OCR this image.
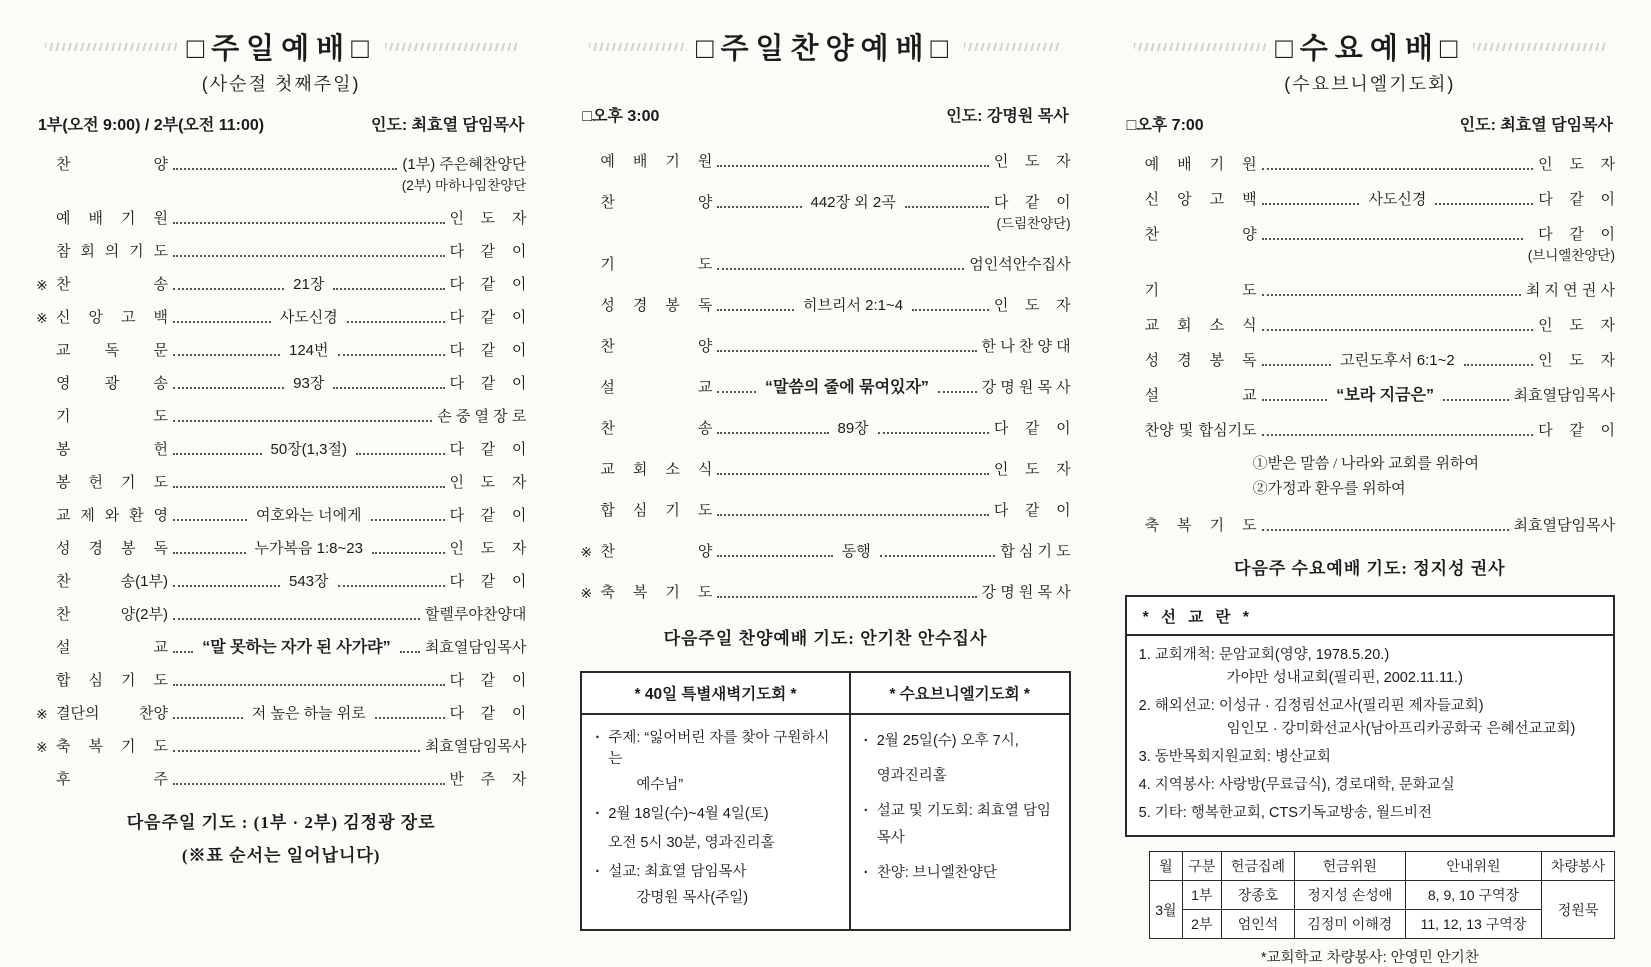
□주일예배□
(사순절 첫째주일)
1부(오전 9:00) / 2부(오전 11:00)	인도: 최효열 담임목사
찬 양	(1부) 주은혜찬양단
(2부) 마하나임찬양단
예 배 기 원	인    도    자
참 회 의 기 도	다    같    이
※ 찬 송	21장	다    같    이
※ 신 앙 고 백	사도신경	다    같    이
교 독 문	124번	다    같    이
영 광 송	93장	다    같    이
기 도	손 중 열 장 로
봉 헌	50장(1,3절)	다    같    이
봉 헌 기 도	인    도    자
교 제 와 환 영	여호와는 너에게	다    같    이
성 경 봉 독	누가복음 1:8~23	인    도    자
찬 송(1부)	543장	다    같    이
찬 양(2부)	할렐루야찬양대
설 교 “말 못하는 자가 된 사가랴” 최효열담임목사
합 심 기 도	다    같    이
※ 결단의 찬양	저 높은 하늘 위로	다    같    이
※ 축 복 기 도	최효열담임목사
후 주	반    주    자
다음주일 기도 : (1부 · 2부) 김정광 장로
(※표 순서는 일어납니다)
□주일찬양예배□
□오후 3:00	인도: 강명원 목사
예 배 기 원	인    도    자
찬 양	442장 외 2곡	다    같    이
(드림찬양단)
기 도	엄인석안수집사
성 경 봉 독	히브리서 2:1~4	인    도    자
찬 양	한 나 찬 양 대
설 교	“말씀의 줄에 묶여있자”	강 명 원 목 사
찬 송	89장	다    같    이
교 회 소 식	인    도    자
합 심 기 도	다    같    이
※ 찬 양	동행	합 심 기 도
※ 축 복 기 도	강 명 원 목 사
다음주일 찬양예배 기도: 안기찬 안수집사
* 40일 특별새벽기도회 *
· 주제: “잃어버린 자를 찾아 구원하시는
예수님”
· 2월 18일(수)~4월 4일(토)
오전 5시 30분, 영과진리홀
· 설교: 최효열 담임목사
강명원 목사(주일)
* 수요브니엘기도회 *
· 2월 25일(수) 오후 7시,
영과진리홀
· 설교 및 기도회: 최효열 담임목사
· 찬양: 브니엘찬양단
□수요예배□
(수요브니엘기도회)
□오후 7:00	인도: 최효열 담임목사
예 배 기 원	인    도    자
신 앙 고 백	사도신경	다    같    이
찬 양	다    같    이
(브니엘찬양단)
기 도	최 지 연 권 사
교 회 소 식	인    도    자
성 경 봉 독	고린도후서 6:1~2	인    도    자
설 교	“보라 지금은”	최효열담임목사
찬양 및 합심기도	다    같    이
①받은 말씀 / 나라와 교회를 위하여
②가정과 환우를 위하여
축 복 기 도	최효열담임목사
다음주 수요예배 기도: 정지성 권사
* 선 교 란 *
1. 교회개척: 문암교회(영양, 1978.5.20.)
가야만 성내교회(필리핀, 2002.11.11.)
2. 해외선교: 이성규 · 김정림선교사(필리핀 제자들교회)
임인모 · 강미화선교사(남아프리카공화국 은혜선교교회)
3. 동반목회지원교회: 병산교회
4. 지역봉사: 사랑방(무료급식), 경로대학, 문화교실
5. 기타: 행복한교회, CTS기독교방송, 월드비전
월	구분	헌금집례	헌금위원	안내위원	차량봉사
3월	1부	장종호	정지성 손성애	8, 9, 10 구역장	정원묵
	2부	엄인석	김정미 이해경	11, 12, 13 구역장	
*교회학교 차량봉사: 안영민 안기찬
